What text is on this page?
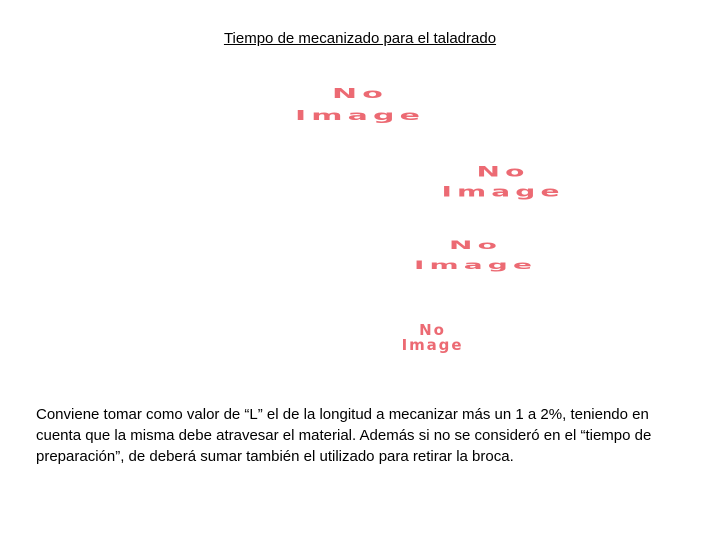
Tiempo de mecanizado para el taladrado
No
Image
No
Image
No
Image
No
Image
Conviene tomar como valor de “L” el de la longitud a mecanizar más un 1 a 2%, teniendo en cuenta que la misma debe atravesar el material. Además si no se consideró en el “tiempo de preparación”, de deberá sumar también el utilizado para retirar la broca.
